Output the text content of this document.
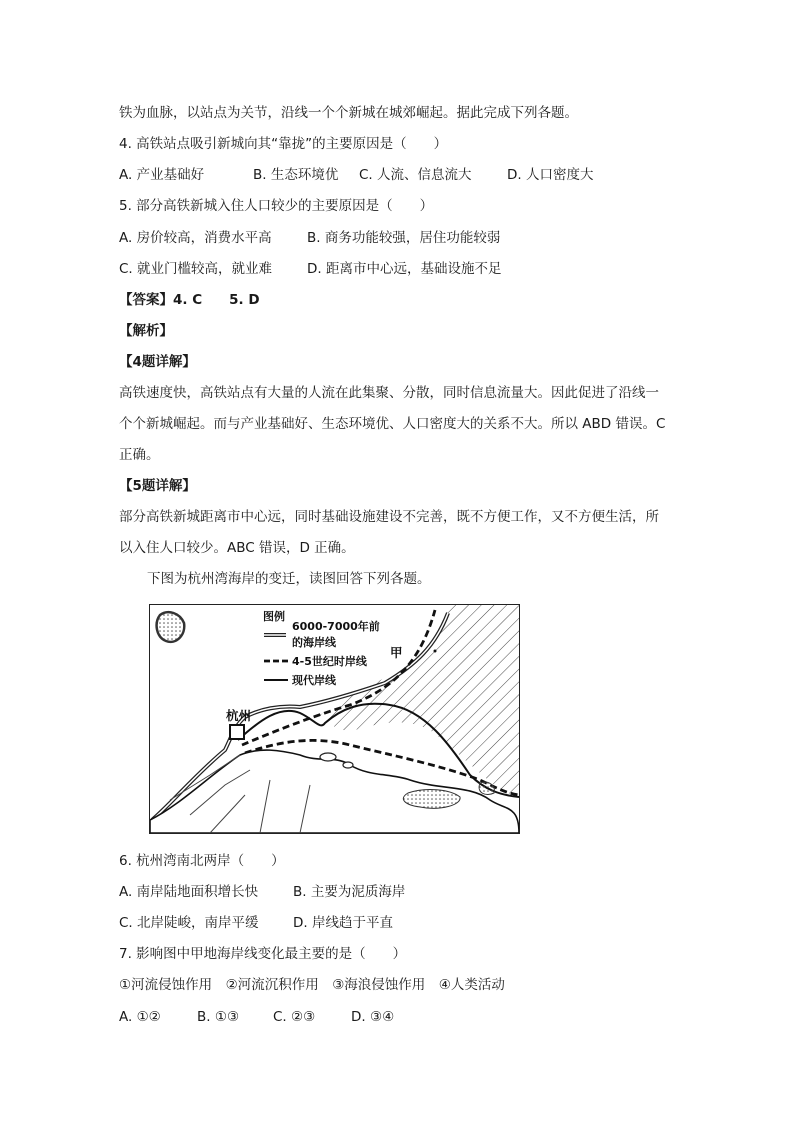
铁为血脉，以站点为关节，沿线一个个新城在城郊崛起。据此完成下列各题。
4. 高铁站点吸引新城向其“靠拢”的主要原因是（　　）
A. 产业基础好	B. 生态环境优 C. 人流、信息流大	D. 人口密度大
5. 部分高铁新城入住人口较少的主要原因是（　　）
A. 房价较高，消费水平高	B. 商务功能较强，居住功能较弱
C. 就业门槛较高，就业难	D. 距离市中心远，基础设施不足
【答案】4. C　　5. D
【解析】
【4题详解】
高铁速度快，高铁站点有大量的人流在此集聚、分散，同时信息流量大。因此促进了沿线一
个个新城崛起。而与产业基础好、生态环境优、人口密度大的关系不大。所以 ABD 错误。C
正确。
【5题详解】
部分高铁新城距离市中心远，同时基础设施建设不完善，既不方便工作，又不方便生活，所
以入住人口较少。ABC 错误，D 正确。
下图为杭州湾海岸的变迁，读图回答下列各题。
图例
6000-7000年前
的海岸线
4-5世纪时岸线
现代岸线
杭州
甲
6. 杭州湾南北两岸（　　）
A. 南岸陆地面积增长快	B. 主要为泥质海岸
C. 北岸陡峻，南岸平缓	D. 岸线趋于平直
7. 影响图中甲地海岸线变化最主要的是（　　）
①河流侵蚀作用　②河流沉积作用　③海浪侵蚀作用　④人类活动
A. ①②	B. ①③	C. ②③	D. ③④
